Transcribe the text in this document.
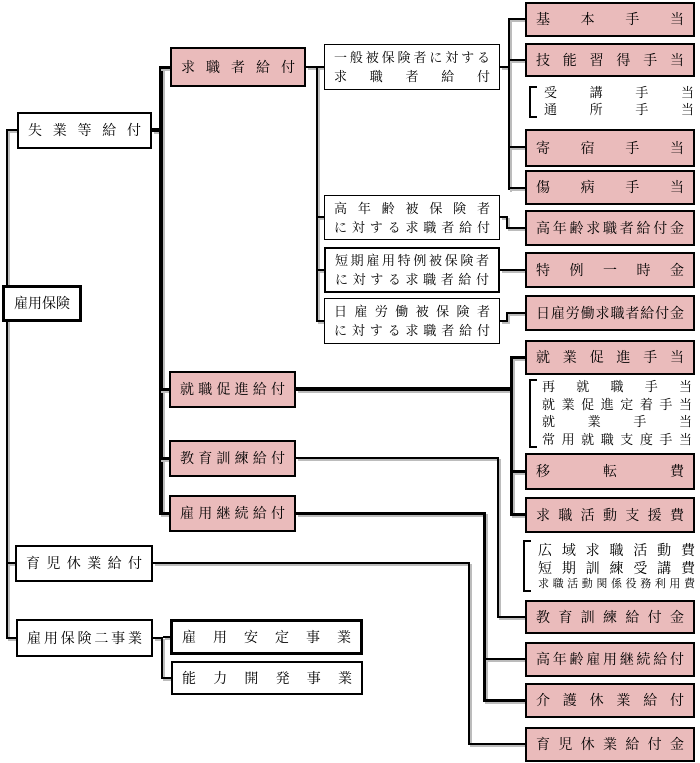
雇用保険
失業等給付
育児休業給付
雇用保険二事業
求職者給付
就職促進給付
教育訓練給付
雇用継続給付
一般被保険者に対する
求職者給付
高年齢被保険者
に対する求職者給付
短期雇用特例被保険者
に対する求職者給付
日雇労働被保険者
に対する求職者給付
基本手当
技能習得手当
寄宿手当
傷病手当
高年齢求職者給付金
特例一時金
日雇労働求職者給付金
就業促進手当
移転費
求職活動支援費
教育訓練給付金
高年齢雇用継続給付
介護休業給付
育児休業給付金
雇用安定事業
能力開発事業
受講手当
通所手当
再就職手当
就業促進定着手当
就業手当
常用就職支度手当
広域求職活動費
短期訓練受講費
求職活動関係役務利用費
